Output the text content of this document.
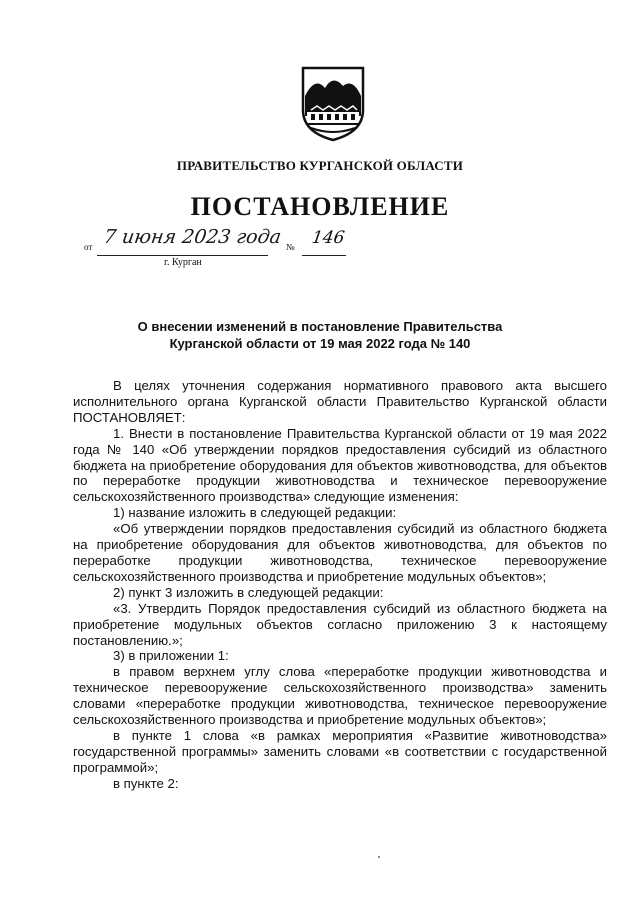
ПРАВИТЕЛЬСТВО КУРГАНСКОЙ ОБЛАСТИ
ПОСТАНОВЛЕНИЕ
от 7 июня 2023 года № 146
г. Курган
О внесении изменений в постановление Правительства
Курганской области от 19 мая 2022 года № 140

В целях уточнения содержания нормативного правового акта высшего исполнительного органа Курганской области Правительство Курганской области ПОСТАНОВЛЯЕТ:

1. Внести в постановление Правительства Курганской области от 19 мая 2022 года № 140 «Об утверждении порядков предоставления субсидий из областного бюджета на приобретение оборудования для объектов животноводства, для объектов по переработке продукции животноводства и техническое перевооружение сельскохозяйственного производства» следующие изменения:

1) название изложить в следующей редакции:

«Об утверждении порядков предоставления субсидий из областного бюджета на приобретение оборудования для объектов животноводства, для объектов по переработке продукции животноводства, техническое перевооружение сельскохозяйственного производства и приобретение модульных объектов»;

2) пункт 3 изложить в следующей редакции:

«3. Утвердить Порядок предоставления субсидий из областного бюджета на приобретение модульных объектов согласно приложению 3 к настоящему постановлению.»;

3) в приложении 1:

в правом верхнем углу слова «переработке продукции животноводства и техническое перевооружение сельскохозяйственного производства» заменить словами «переработке продукции животноводства, техническое перевооружение сельскохозяйственного производства и приобретение модульных объектов»;

в пункте 1 слова «в рамках мероприятия «Развитие животноводства» государственной программы» заменить словами «в соответствии с государственной программой»;

в пункте 2:
